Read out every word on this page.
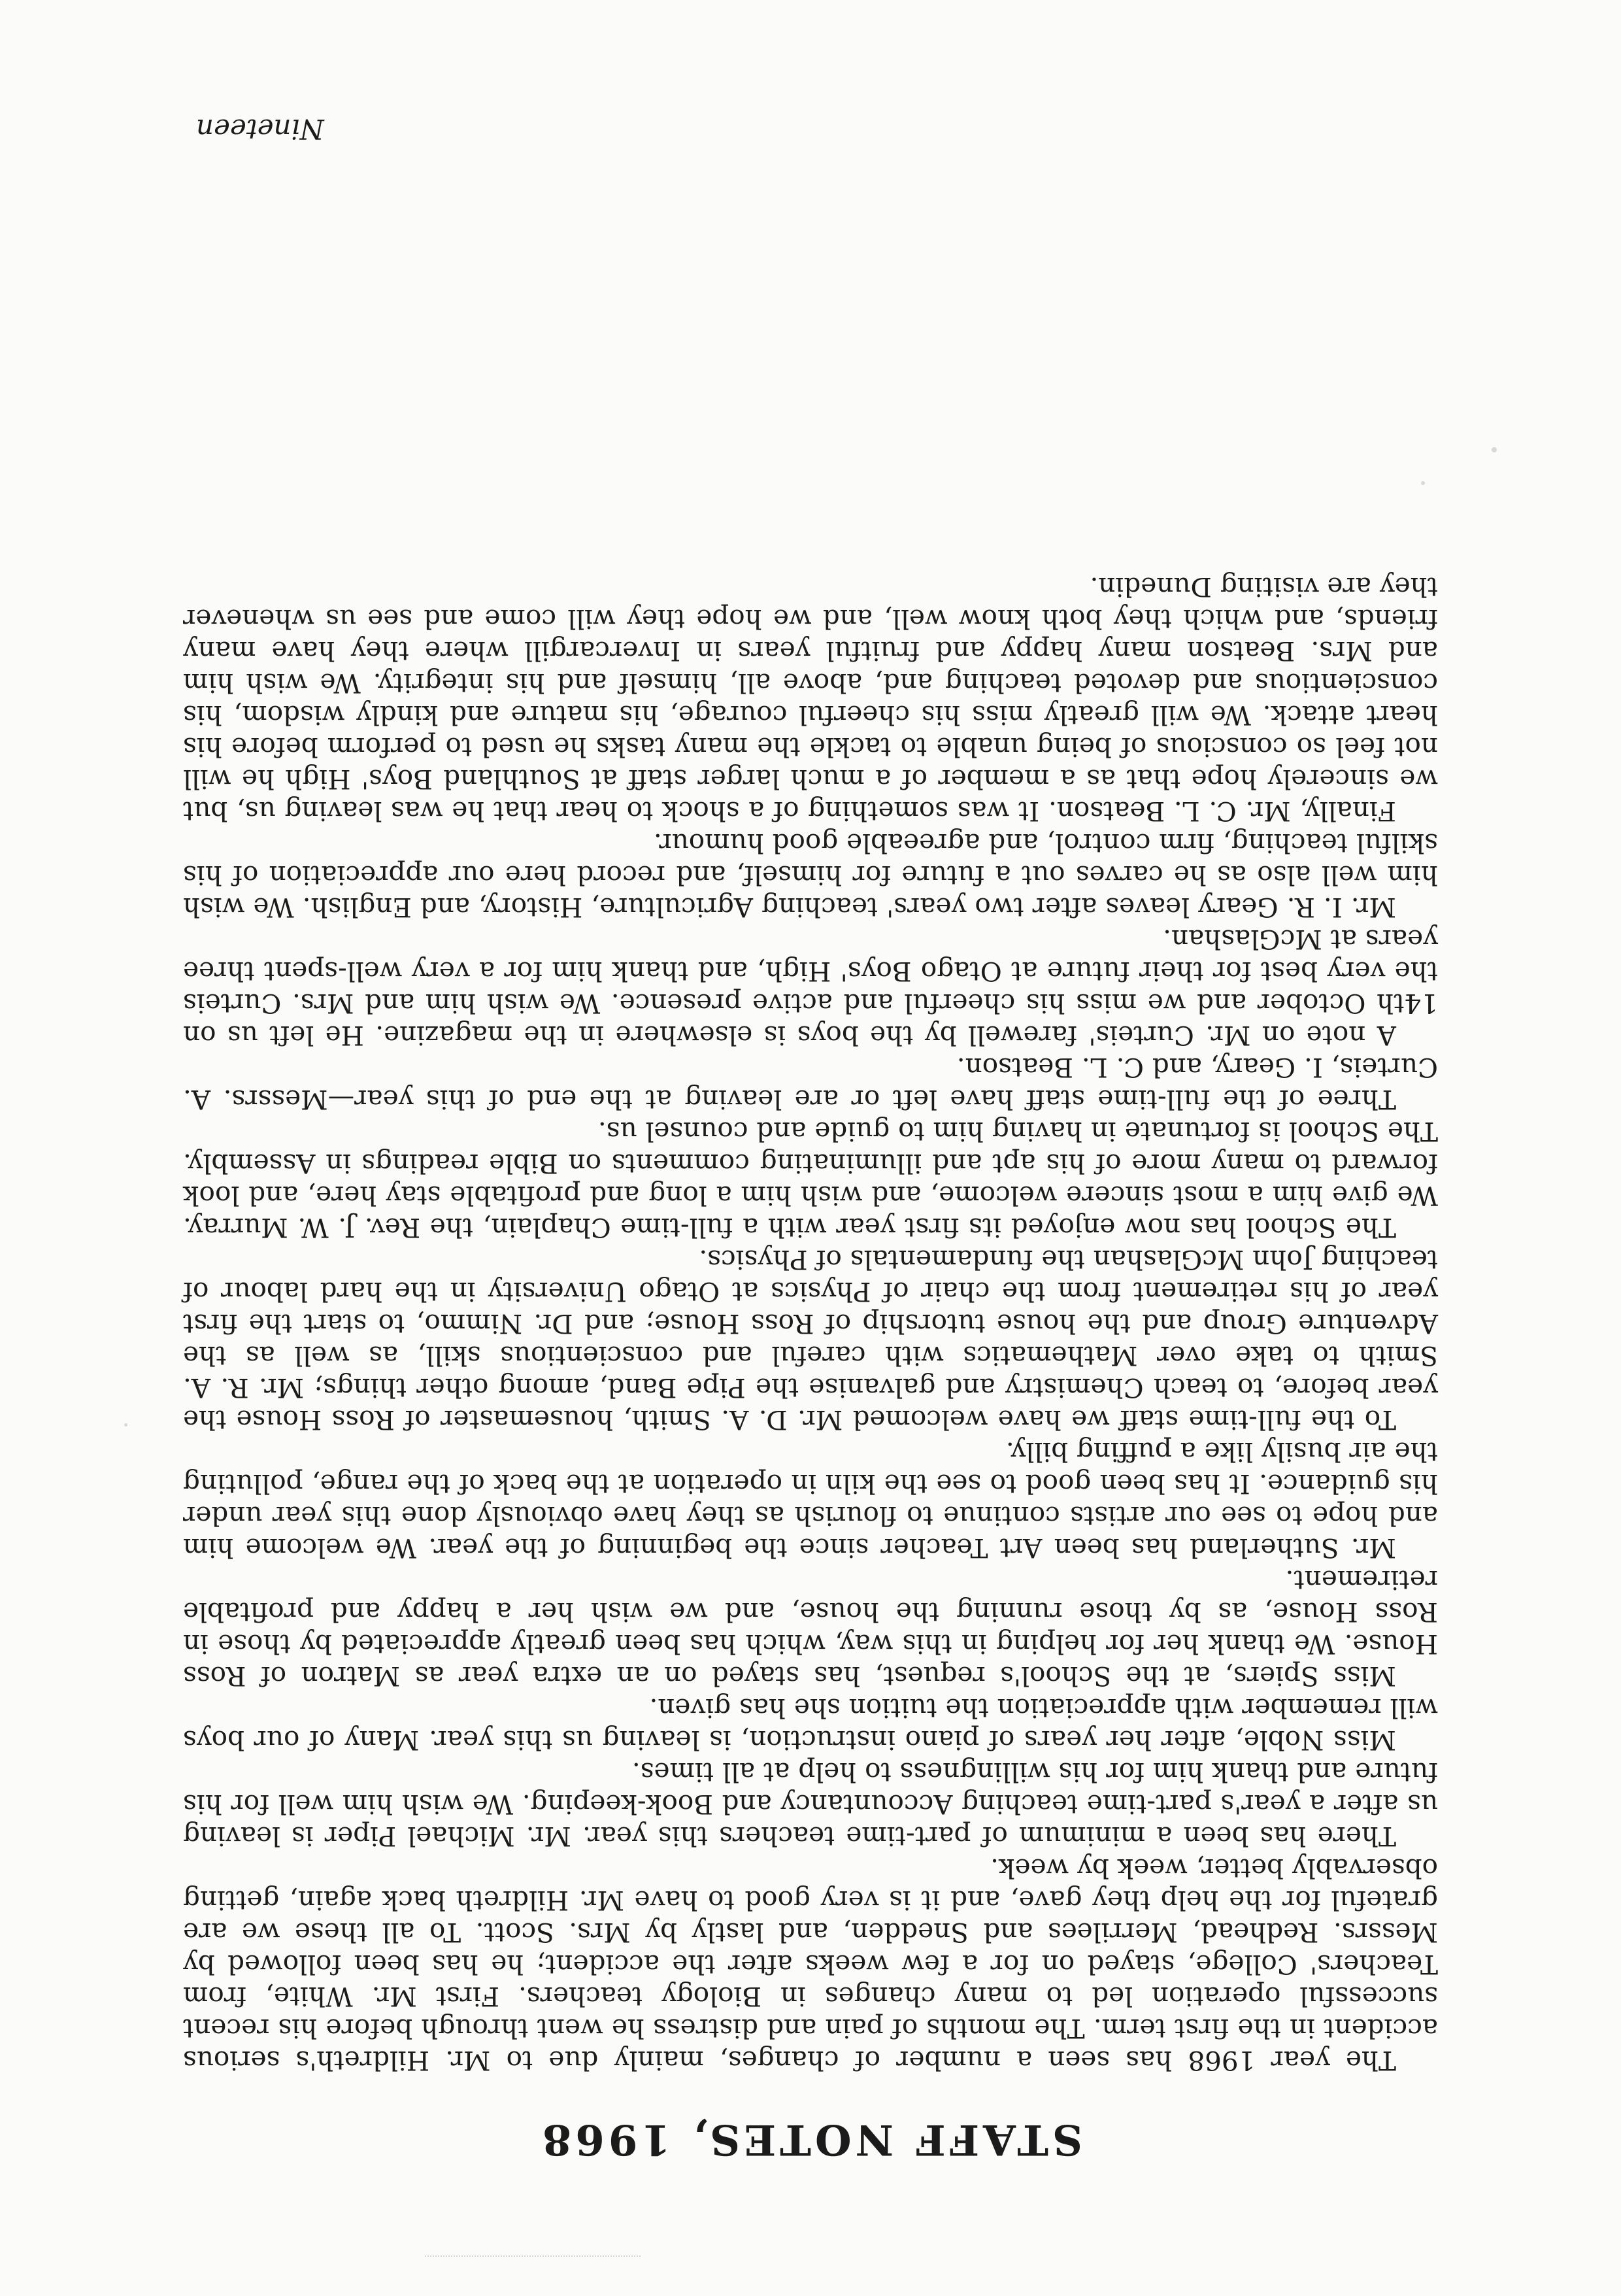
STAFF NOTES, 1968

The year 1968 has seen a number of changes, mainly due to Mr. Hildreth's serious accident in the first term. The months of pain and distress he went through before his recent successful operation led to many changes in Biology teachers. First Mr. White, from Teachers' College, stayed on for a few weeks after the accident; he has been followed by Messrs. Redhead, Merrilees and Snedden, and lastly by Mrs. Scott. To all these we are grateful for the help they gave, and it is very good to have Mr. Hildreth back again, getting observably better, week by week.

There has been a minimum of part-time teachers this year. Mr. Michael Piper is leaving us after a year's part-time teaching Accountancy and Book-keeping. We wish him well for his future and thank him for his willingness to help at all times.

Miss Noble, after her years of piano instruction, is leaving us this year. Many of our boys will remember with appreciation the tuition she has given.

Miss Spiers, at the School's request, has stayed on an extra year as Matron of Ross House. We thank her for helping in this way, which has been greatly appreciated by those in Ross House, as by those running the house, and we wish her a happy and profitable retirement.

Mr. Sutherland has been Art Teacher since the beginning of the year. We welcome him and hope to see our artists continue to flourish as they have obviously done this year under his guidance. It has been good to see the kiln in operation at the back of the range, polluting the air busily like a puffing billy.

To the full-time staff we have welcomed Mr. D. A. Smith, housemaster of Ross House the year before, to teach Chemistry and galvanise the Pipe Band, among other things; Mr. R. A. Smith to take over Mathematics with careful and conscientious skill, as well as the Adventure Group and the house tutorship of Ross House; and Dr. Nimmo, to start the first year of his retirement from the chair of Physics at Otago University in the hard labour of teaching John McGlashan the fundamentals of Physics.

The School has now enjoyed its first year with a full-time Chaplain, the Rev. J. W. Murray. We give him a most sincere welcome, and wish him a long and profitable stay here, and look forward to many more of his apt and illuminating comments on Bible readings in Assembly. The School is fortunate in having him to guide and counsel us.

Three of the full-time staff have left or are leaving at the end of this year—Messrs. A. Curteis, I. Geary, and C. L. Beatson.

A note on Mr. Curteis' farewell by the boys is elsewhere in the magazine. He left us on 14th October and we miss his cheerful and active presence. We wish him and Mrs. Curteis the very best for their future at Otago Boys' High, and thank him for a very well-spent three years at McGlashan.

Mr. I. R. Geary leaves after two years' teaching Agriculture, History, and English. We wish him well also as he carves out a future for himself, and record here our appreciation of his skilful teaching, firm control, and agreeable good humour.

Finally, Mr. C. L. Beatson. It was something of a shock to hear that he was leaving us, but we sincerely hope that as a member of a much larger staff at Southland Boys' High he will not feel so conscious of being unable to tackle the many tasks he used to perform before his heart attack. We will greatly miss his cheerful courage, his mature and kindly wisdom, his conscientious and devoted teaching and, above all, himself and his integrity. We wish him and Mrs. Beatson many happy and fruitful years in Invercargill where they have many friends, and which they both know well, and we hope they will come and see us whenever they are visiting Dunedin.

Nineteen
